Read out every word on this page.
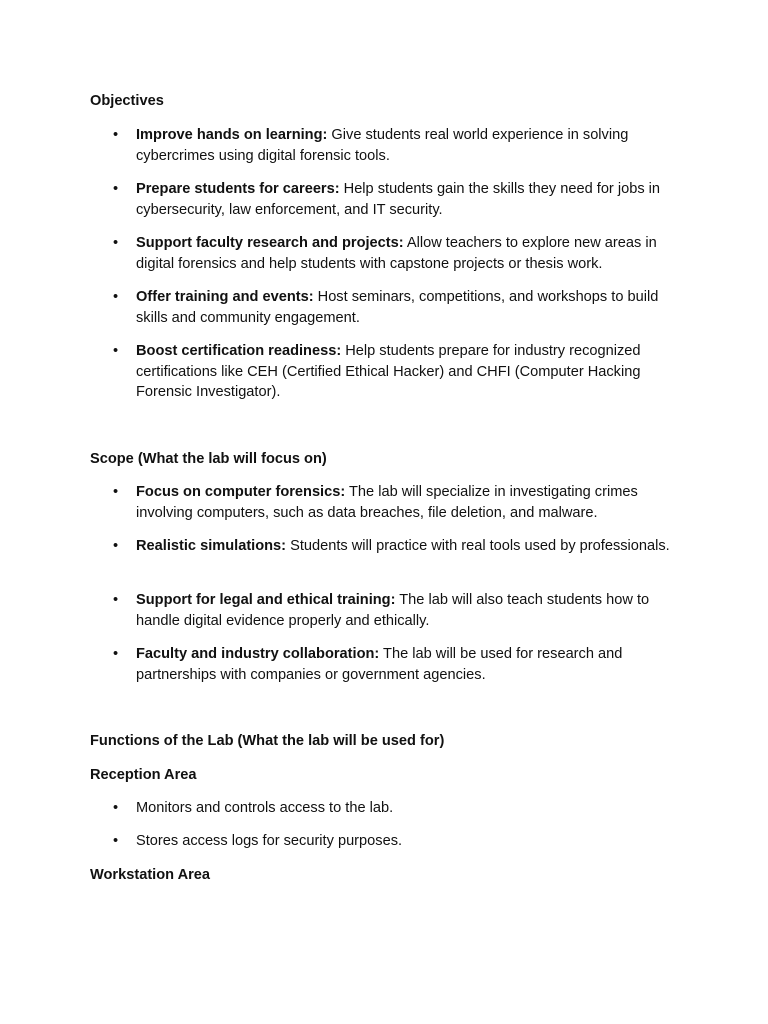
Objectives
• Improve hands on learning: Give students real world experience in solving cybercrimes using digital forensic tools.
• Prepare students for careers: Help students gain the skills they need for jobs in cybersecurity, law enforcement, and IT security.
• Support faculty research and projects: Allow teachers to explore new areas in digital forensics and help students with capstone projects or thesis work.
• Offer training and events: Host seminars, competitions, and workshops to build skills and community engagement.
• Boost certification readiness: Help students prepare for industry recognized certifications like CEH (Certified Ethical Hacker) and CHFI (Computer Hacking Forensic Investigator).
Scope (What the lab will focus on)
• Focus on computer forensics: The lab will specialize in investigating crimes involving computers, such as data breaches, file deletion, and malware.
• Realistic simulations: Students will practice with real tools used by professionals.
• Support for legal and ethical training: The lab will also teach students how to handle digital evidence properly and ethically.
• Faculty and industry collaboration: The lab will be used for research and partnerships with companies or government agencies.
Functions of the Lab (What the lab will be used for)
Reception Area
• Monitors and controls access to the lab.
• Stores access logs for security purposes.
Workstation Area
